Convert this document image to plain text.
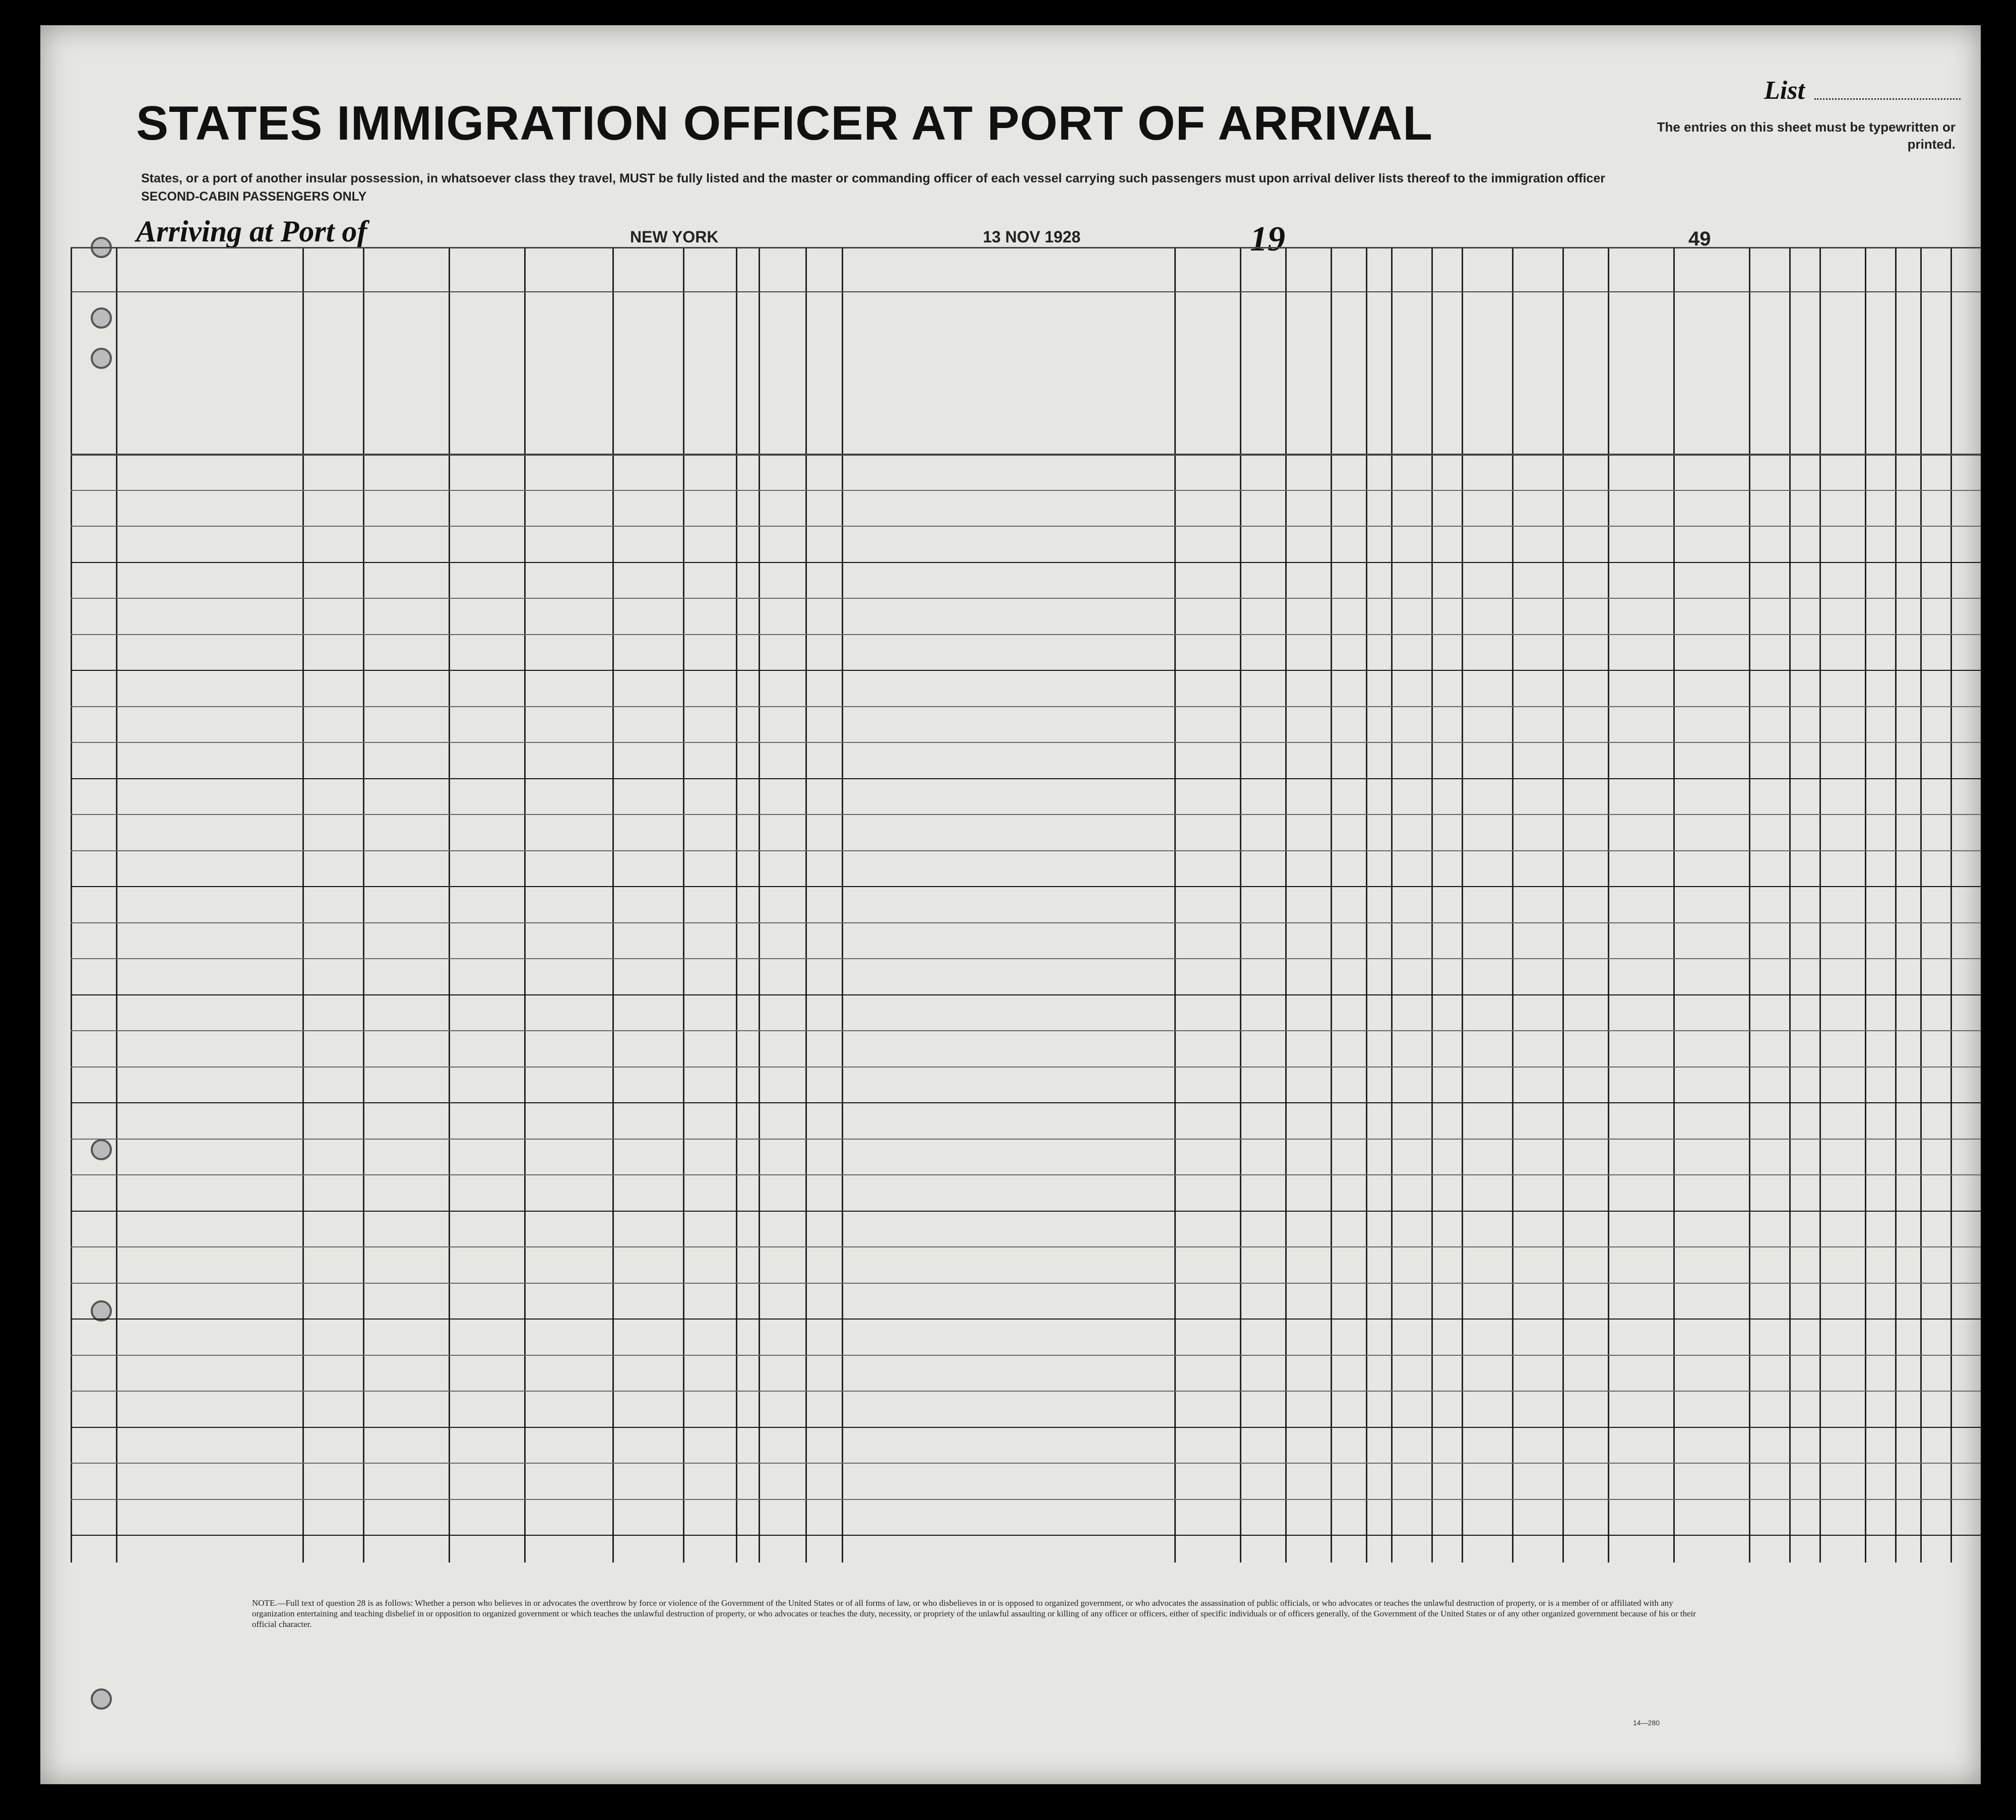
STATES IMMIGRATION OFFICER AT PORT OF ARRIVAL
States, or a port of another insular possession, in whatsoever class they travel, MUST be fully listed and the master or commanding officer of each vessel carrying such passengers must upon arrival deliver lists thereof to the immigration officer
SECOND-CABIN PASSENGERS ONLY
List
The entries on this sheet must be typewritten or printed.
Arriving at Port of	NEW YORK	13 NOV 1928	19	49
NOTE.—Full text of question 28 is as follows: Whether a person who believes in or advocates the overthrow by force or violence of the Government of the United States or of all forms of law, or who disbelieves in or is opposed to organized government, or who advocates the assassination of public officials, or who advocates or teaches the unlawful destruction of property, or is a member of or affiliated with any organization entertaining and teaching disbelief in or opposition to organized government or which teaches the unlawful destruction of property, or who advocates or teaches the duty, necessity, or propriety of the unlawful assaulting or killing of any officer or officers, either of specific individuals or of officers generally, of the Government of the United States or of any other organized government because of his or their official character.
14—280
